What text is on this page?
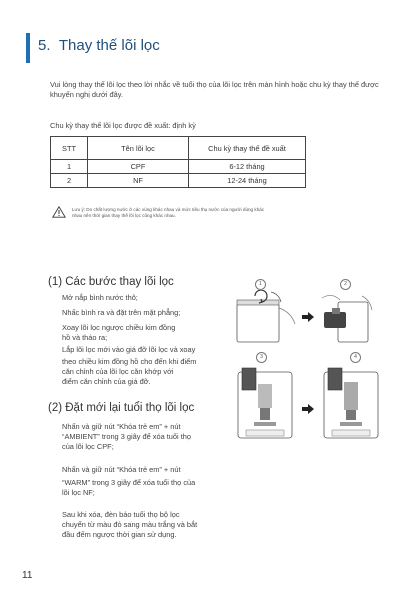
5. Thay thế lõi lọc
Vui lòng thay thế lõi lọc theo lời nhắc về tuổi thọ của lõi lọc trên màn hình hoặc chu kỳ thay thế được khuyến nghị dưới đây.
Chu kỳ thay thế lõi lọc được đề xuất: định kỳ
STT	Tên lõi lọc	Chu kỳ thay thế đề xuất
1	CPF	6-12 tháng
2	NF	12-24 tháng
Lưu ý: Do chất lượng nước ở các vùng khác nhau và mức tiêu thụ nước của người dùng khác
nhau nên thời gian thay thế lõi lọc cũng khác nhau.
(1) Các bước thay lõi lọc
Mở nắp bình nước thô;
Nhấc bình ra và đặt trên mặt phẳng;
Xoay lõi lọc ngược chiều kim đồng
hồ và tháo ra;
Lắp lõi lọc mới vào giá đỡ lõi lọc và xoay
theo chiều kim đồng hồ cho đến khi điểm
căn chỉnh của lõi lọc căn khớp với
điểm căn chỉnh của giá đỡ.
(2) Đặt mới lại tuổi thọ lõi lọc
Nhấn và giữ nút “Khóa trẻ em” + nút
“AMBIENT” trong 3 giây để xóa tuổi thọ
của lõi lọc CPF;
Nhấn và giữ nút “Khóa trẻ em” + nút
“WARM” trong 3 giây để xóa tuổi thọ của
lõi lọc NF;
Sau khi xóa, đèn báo tuổi thọ bộ lọc
chuyển từ màu đỏ sang màu trắng và bắt
đầu đếm ngược thời gian sử dụng.
1	2
3	4
11
